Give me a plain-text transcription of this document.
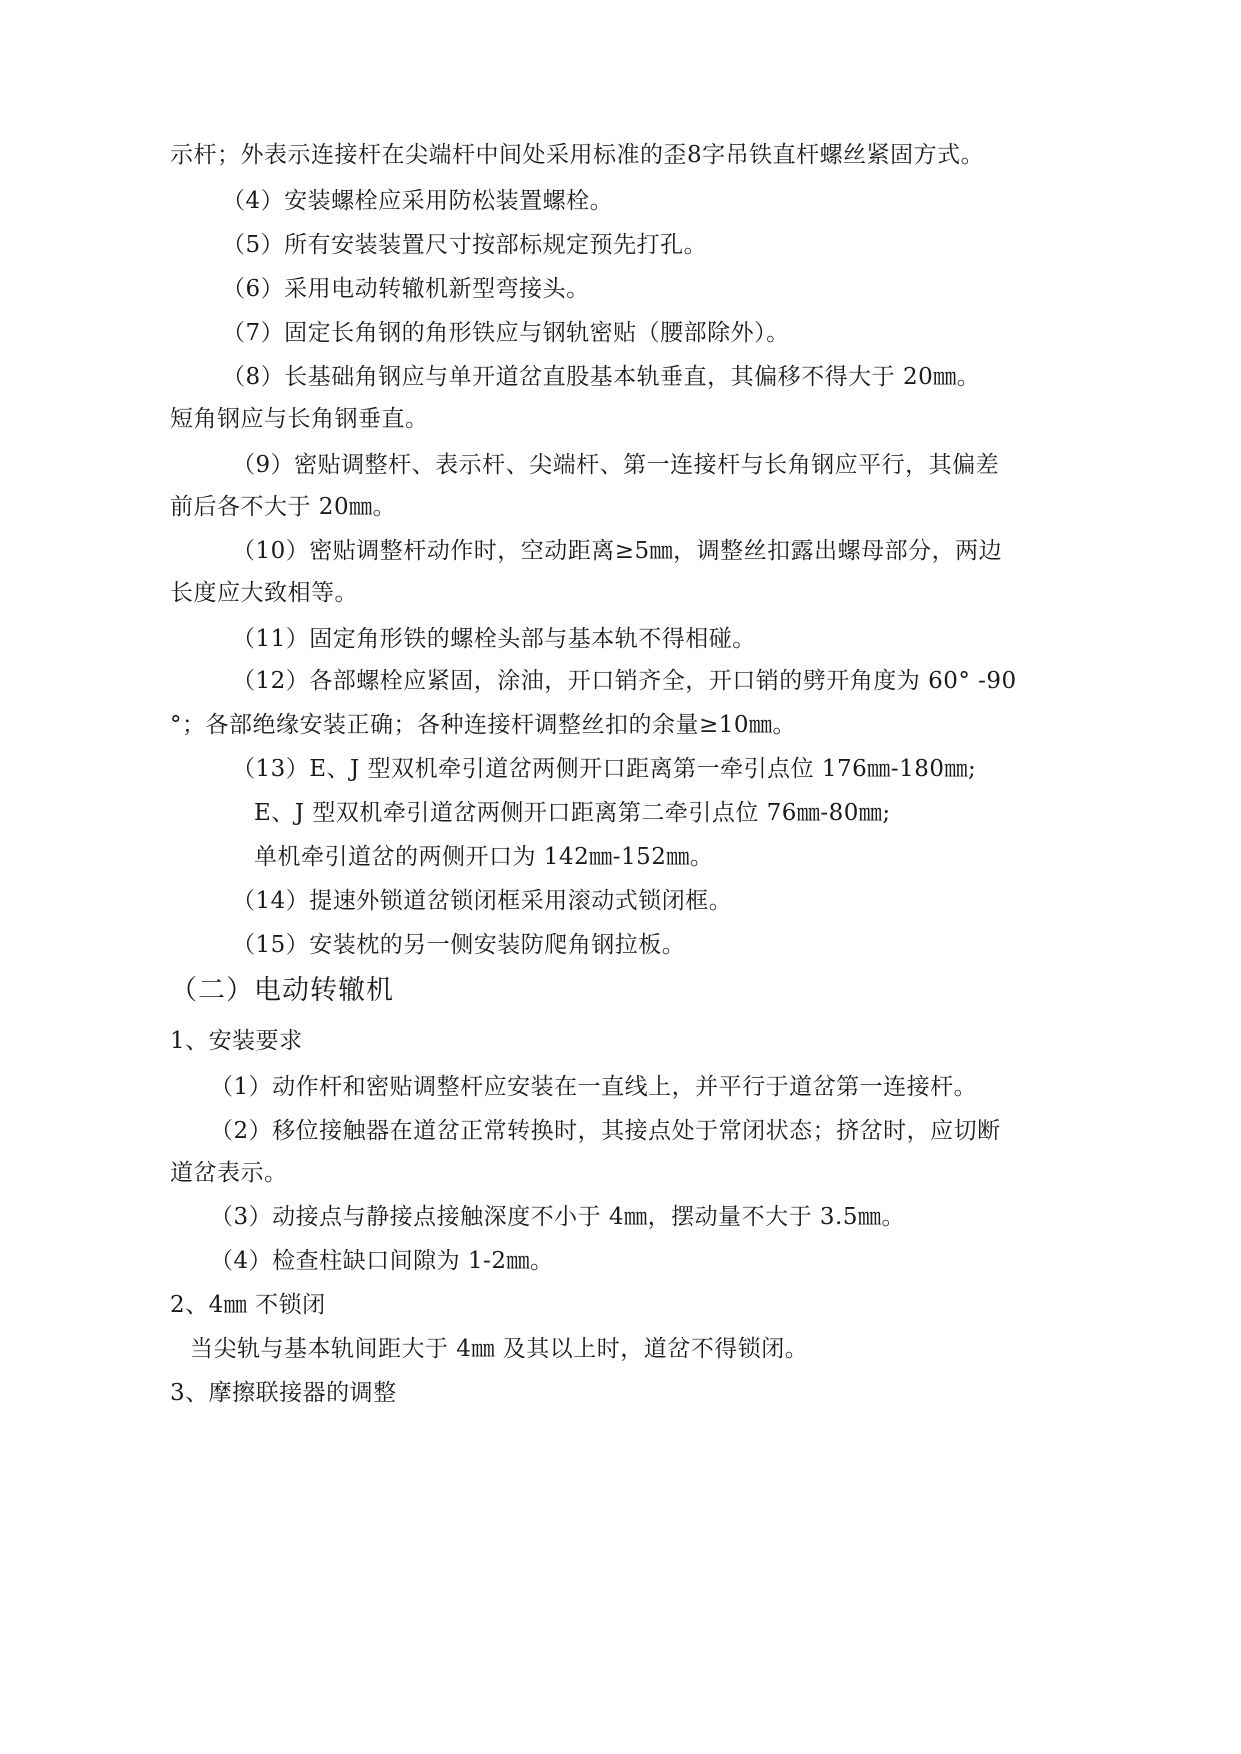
示杆；外表示连接杆在尖端杆中间处采用标准的歪8字吊铁直杆螺丝紧固方式。
（4）安装螺栓应采用防松装置螺栓。
（5）所有安装装置尺寸按部标规定预先打孔。
（6）采用电动转辙机新型弯接头。
（7）固定长角钢的角形铁应与钢轨密贴（腰部除外）。
（8）长基础角钢应与单开道岔直股基本轨垂直，其偏移不得大于 20㎜。
短角钢应与长角钢垂直。
（9）密贴调整杆、表示杆、尖端杆、第一连接杆与长角钢应平行，其偏差
前后各不大于 20㎜。
（10）密贴调整杆动作时，空动距离≥5㎜，调整丝扣露出螺母部分，两边
长度应大致相等。
（11）固定角形铁的螺栓头部与基本轨不得相碰。
（12）各部螺栓应紧固，涂油，开口销齐全，开口销的劈开角度为 60° -90
°；各部绝缘安装正确；各种连接杆调整丝扣的余量≥10㎜。
（13）E、J 型双机牵引道岔两侧开口距离第一牵引点位 176㎜-180㎜;
E、J 型双机牵引道岔两侧开口距离第二牵引点位 76㎜-80㎜;
单机牵引道岔的两侧开口为 142㎜-152㎜。
（14）提速外锁道岔锁闭框采用滚动式锁闭框。
（15）安装枕的另一侧安装防爬角钢拉板。
（二）电动转辙机
1、安装要求
（1）动作杆和密贴调整杆应安装在一直线上，并平行于道岔第一连接杆。
（2）移位接触器在道岔正常转换时，其接点处于常闭状态；挤岔时，应切断
道岔表示。
（3）动接点与静接点接触深度不小于 4㎜，摆动量不大于 3.5㎜。
（4）检查柱缺口间隙为 1-2㎜。
2、4㎜ 不锁闭
当尖轨与基本轨间距大于 4㎜ 及其以上时，道岔不得锁闭。
3、摩擦联接器的调整
